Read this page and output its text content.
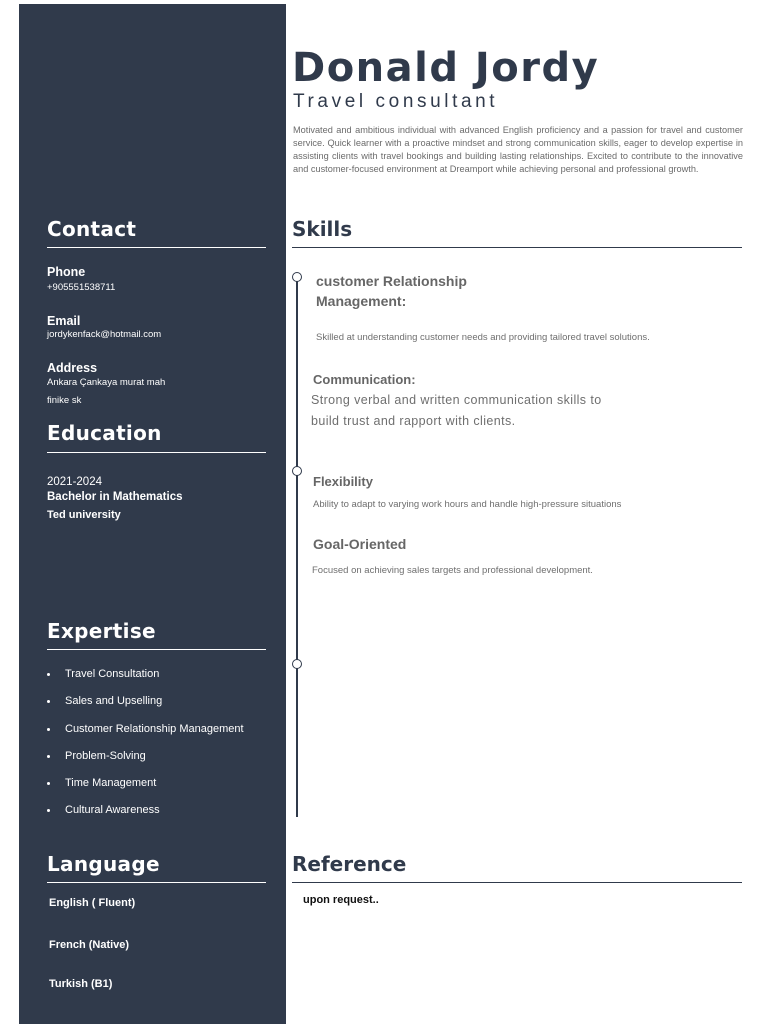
Contact
Phone
+905551538711
Email
jordykenfack@hotmail.com
Address
Ankara Çankaya murat mah
finike sk
Education
2021-2024
Bachelor in Mathematics
Ted university
Expertise
Travel Consultation
Sales and Upselling
Customer Relationship Management
Problem-Solving
Time Management
Cultural Awareness
Language
English ( Fluent)
French (Native)
Turkish (B1)
Donald Jordy
Travel consultant
Motivated and ambitious individual with advanced English proficiency and a passion for travel and customer service. Quick learner with a proactive mindset and strong communication skills, eager to develop expertise in assisting clients with travel bookings and building lasting relationships. Excited to contribute to the innovative and customer-focused environment at Dreamport while achieving personal and professional growth.
Skills
customer Relationship
Management:
Skilled at understanding customer needs and providing tailored travel solutions.
Communication:
Strong verbal and written communication skills to
build trust and rapport with clients.
Flexibility
Ability to adapt to varying work hours and handle high-pressure situations
Goal-Oriented
Focused on achieving sales targets and professional development.
Reference
upon request..
